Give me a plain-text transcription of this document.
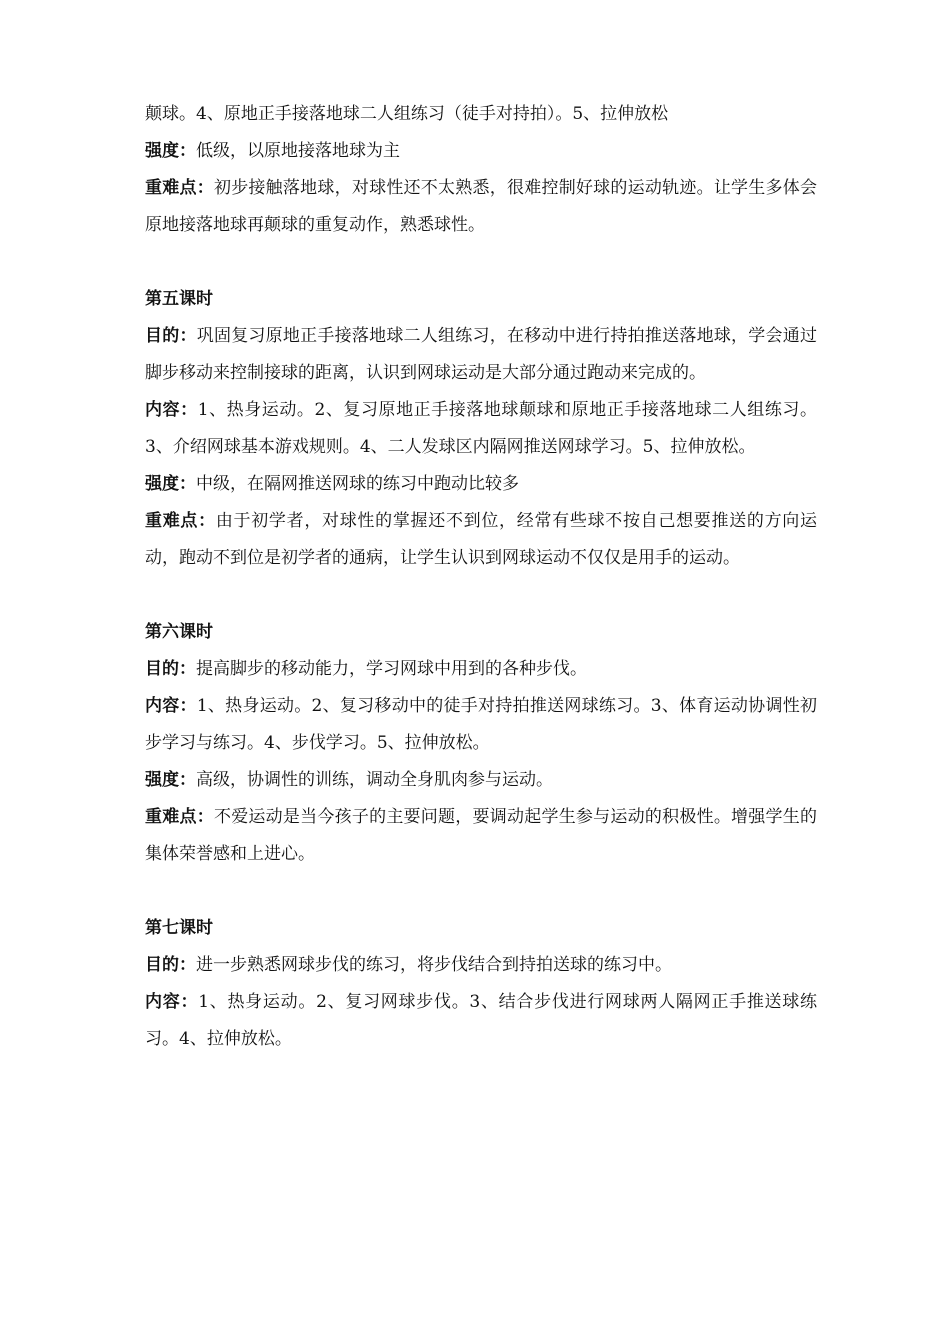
颠球。4、原地正手接落地球二人组练习（徒手对持拍）。5、拉伸放松

强度：低级，以原地接落地球为主

重难点：初步接触落地球，对球性还不太熟悉，很难控制好球的运动轨迹。让学生多体会原地接落地球再颠球的重复动作，熟悉球性。

第五课时

目的：巩固复习原地正手接落地球二人组练习，在移动中进行持拍推送落地球，学会通过脚步移动来控制接球的距离，认识到网球运动是大部分通过跑动来完成的。

内容：1、热身运动。2、复习原地正手接落地球颠球和原地正手接落地球二人组练习。3、介绍网球基本游戏规则。4、二人发球区内隔网推送网球学习。5、拉伸放松。

强度：中级，在隔网推送网球的练习中跑动比较多

重难点：由于初学者，对球性的掌握还不到位，经常有些球不按自己想要推送的方向运动，跑动不到位是初学者的通病，让学生认识到网球运动不仅仅是用手的运动。

第六课时

目的：提高脚步的移动能力，学习网球中用到的各种步伐。

内容：1、热身运动。2、复习移动中的徒手对持拍推送网球练习。3、体育运动协调性初步学习与练习。4、步伐学习。5、拉伸放松。

强度：高级，协调性的训练，调动全身肌肉参与运动。

重难点：不爱运动是当今孩子的主要问题，要调动起学生参与运动的积极性。增强学生的集体荣誉感和上进心。

第七课时

目的：进一步熟悉网球步伐的练习，将步伐结合到持拍送球的练习中。

内容：1、热身运动。2、复习网球步伐。3、结合步伐进行网球两人隔网正手推送球练习。4、拉伸放松。
